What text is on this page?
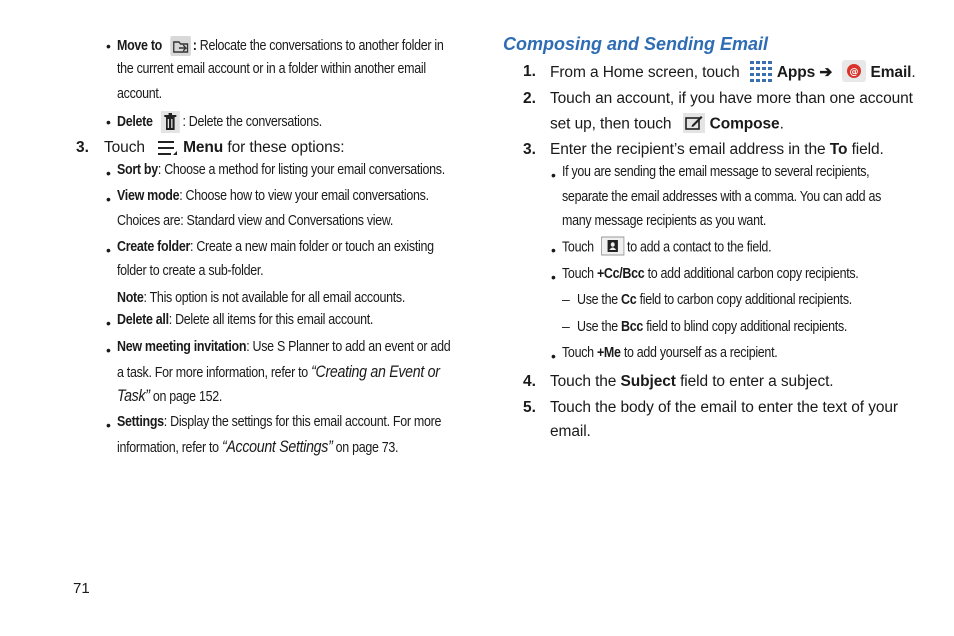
• Move to : Relocate the conversations to another folder in
the current email account or in a folder within another email
account.
• Delete : Delete the conversations.
3. Touch Menu for these options:
• Sort by: Choose a method for listing your email conversations.
• View mode: Choose how to view your email conversations.
Choices are: Standard view and Conversations view.
• Create folder: Create a new main folder or touch an existing
folder to create a sub-folder.
Note: This option is not available for all email accounts.
• Delete all: Delete all items for this email account.
• New meeting invitation: Use S Planner to add an event or add
a task. For more information, refer to “Creating an Event or
Task” on page 152.
• Settings: Display the settings for this email account. For more
information, refer to “Account Settings” on page 73.
Composing and Sending Email
1. From a Home screen, touch Apps ➔ @ Email.
2. Touch an account, if you have more than one account
set up, then touch Compose.
3. Enter the recipient’s email address in the To field.
• If you are sending the email message to several recipients,
separate the email addresses with a comma. You can add as
many message recipients as you want.
• Touch to add a contact to the field.
• Touch +Cc/Bcc to add additional carbon copy recipients.
– Use the Cc field to carbon copy additional recipients.
– Use the Bcc field to blind copy additional recipients.
• Touch +Me to add yourself as a recipient.
4. Touch the Subject field to enter a subject.
5. Touch the body of the email to enter the text of your
email.
71
